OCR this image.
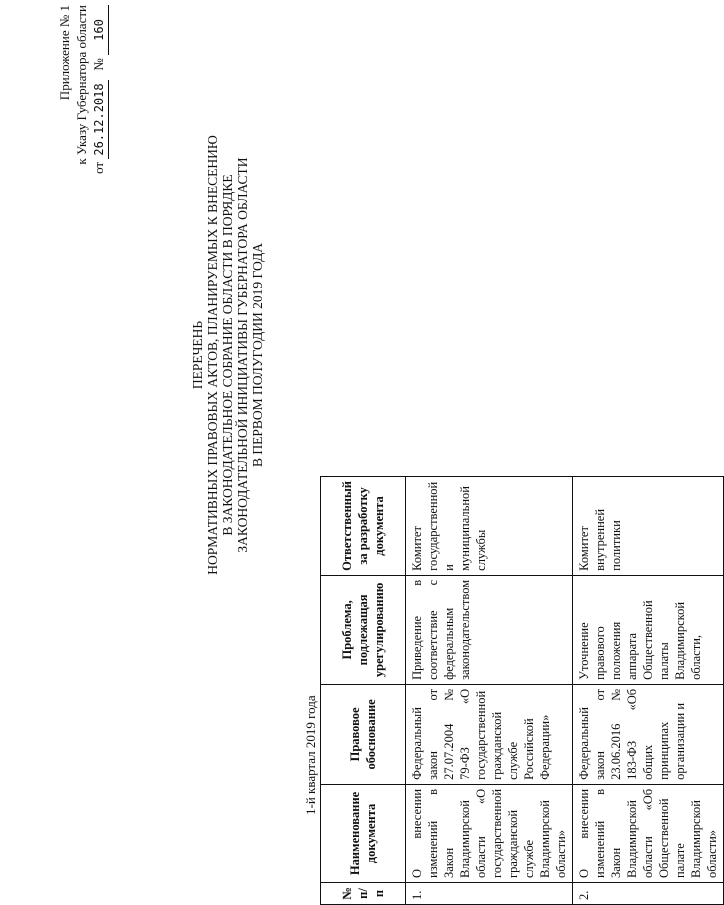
Приложение № 1 к Указу Губернатора области
от 26.12.2018   № 160
ПЕРЕЧЕНЬ НОРМАТИВНЫХ ПРАВОВЫХ АКТОВ, ПЛАНИРУЕМЫХ К ВНЕСЕНИЮ В ЗАКОНОДАТЕЛЬНОЕ СОБРАНИЕ ОБЛАСТИ В ПОРЯДКЕ ЗАКОНОДАТЕЛЬНОЙ ИНИЦИАТИВЫ ГУБЕРНАТОРА ОБЛАСТИ В ПЕРВОМ ПОЛУГОДИИ 2019 ГОДА
1-й квартал 2019 года
№ п/п	Наименование документа	Правовое обоснование	Проблема, подлежащая урегулированию	Ответственный за разработку документа
1.	О внесении изменений в Закон Владимирской области «О государственной гражданской службе Владимирской области»	Федеральный закон от 27.07.2004 № 79-ФЗ «О государственной гражданской службе Российской Федерации»	Приведение в соответствие с федеральным законодательством	Комитет государственной и муниципальной службы
2.	О внесении изменений в Закон Владимирской области «Об Общественной палате Владимирской области»	Федеральный закон от 23.06.2016 № 183-ФЗ «Об общих принципах организации и	Уточнение правового положения аппарата Общественной палаты Владимирской области,	Комитет внутренней политики
